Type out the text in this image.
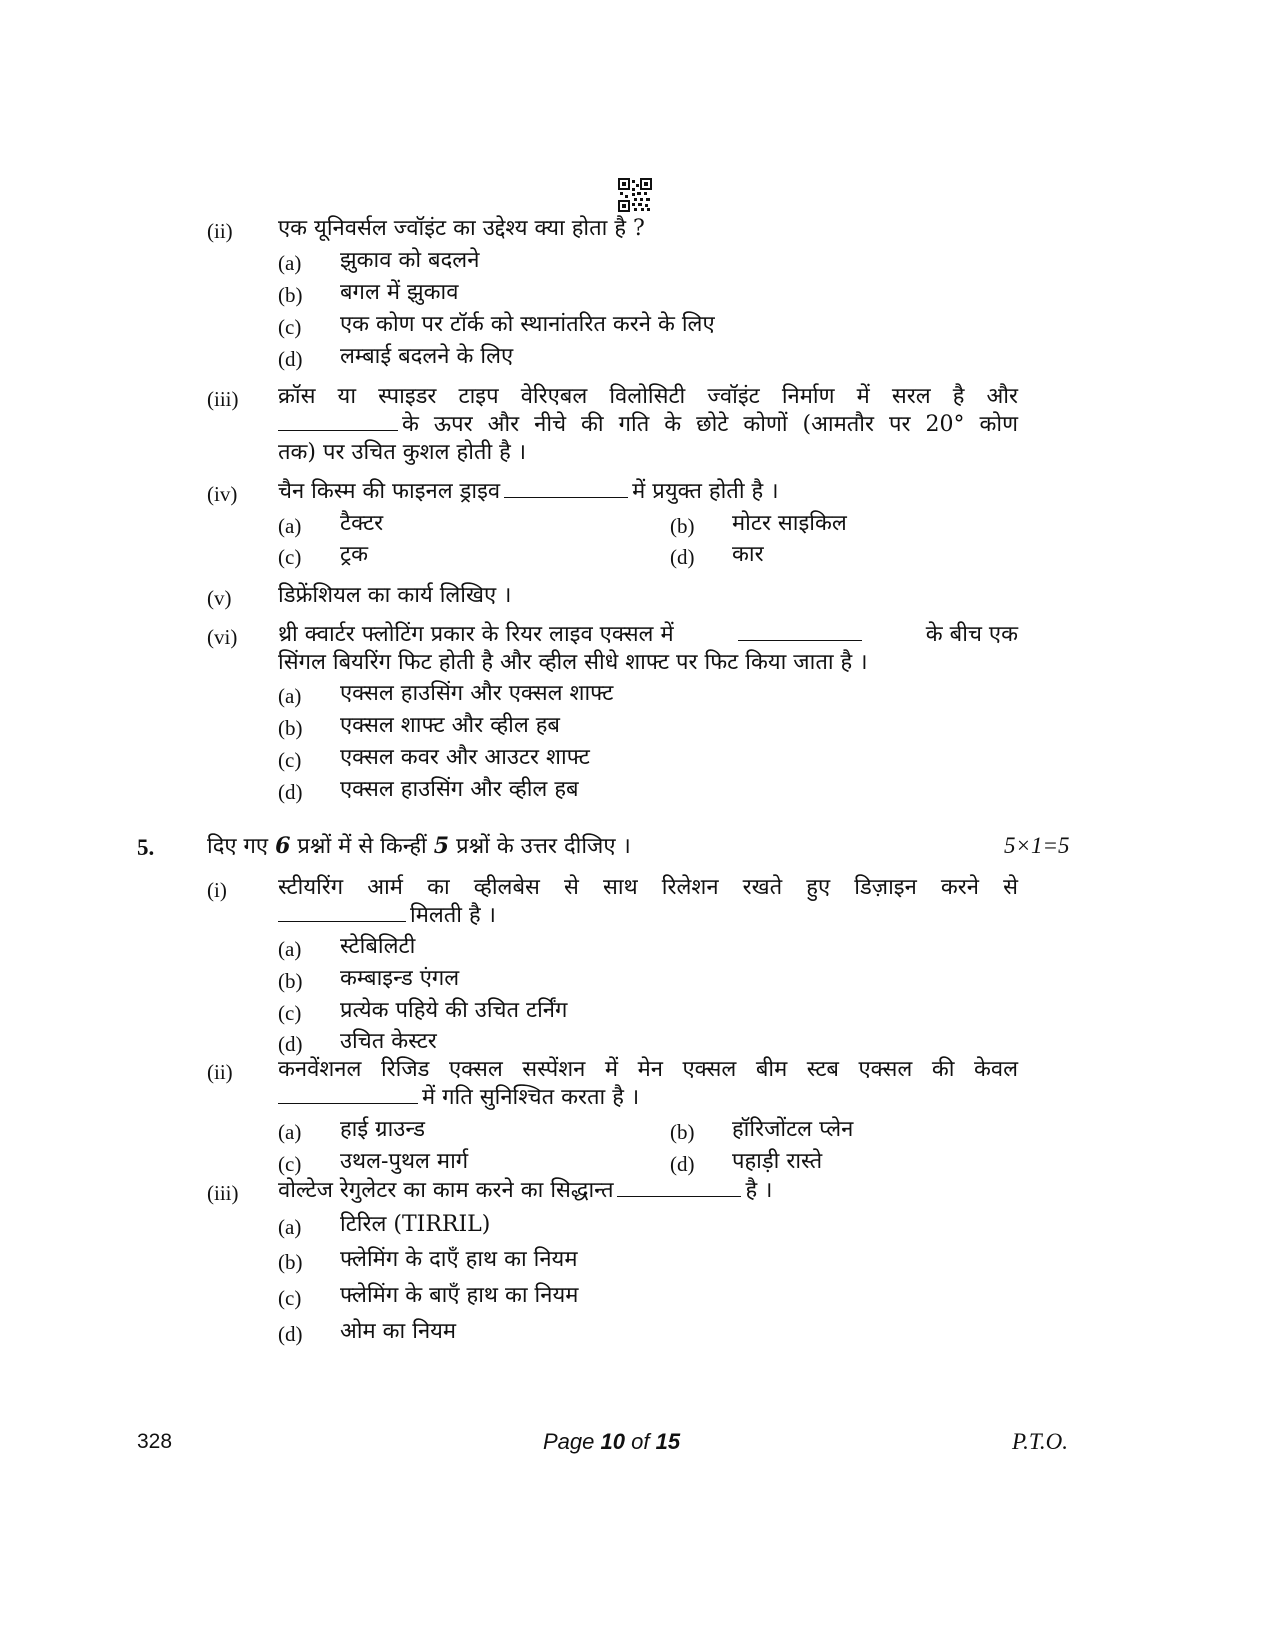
(ii) एक यूनिवर्सल ज्वॉइंट का उद्देश्य क्या होता है ?
(a) झुकाव को बदलने
(b) बगल में झुकाव
(c) एक कोण पर टॉर्क को स्थानांतरित करने के लिए
(d) लम्बाई बदलने के लिए
(iii) क्रॉस या स्पाइडर टाइप वेरिएबल विलोसिटी ज्वॉइंट निर्माण में सरल है और
के ऊपर और नीचे की गति के छोटे कोणों (आमतौर पर 20° कोण
तक) पर उचित कुशल होती है ।
(iv) चैन किस्म की फाइनल ड्राइव	में प्रयुक्त होती है ।
(a) टैक्टर	(b) मोटर साइकिल
(c) ट्रक	(d) कार
(v) डिफ्रेंशियल का कार्य लिखिए ।
(vi) थ्री क्वार्टर फ्लोटिंग प्रकार के रियर लाइव एक्सल में	के बीच एक
सिंगल बियरिंग फिट होती है और व्हील सीधे शाफ्ट पर फिट किया जाता है ।
(a) एक्सल हाउसिंग और एक्सल शाफ्ट
(b) एक्सल शाफ्ट और व्हील हब
(c) एक्सल कवर और आउटर शाफ्ट
(d) एक्सल हाउसिंग और व्हील हब
5. दिए गए 6 प्रश्नों में से किन्हीं 5 प्रश्नों के उत्तर दीजिए ।	5×1=5
(i) स्टीयरिंग आर्म का व्हीलबेस से साथ रिलेशन रखते हुए डिज़ाइन करने से
मिलती है ।
(a) स्टेबिलिटी
(b) कम्बाइन्ड एंगल
(c) प्रत्येक पहिये की उचित टर्निंग
(d) उचित केस्टर
(ii) कनवेंशनल रिजिड एक्सल सस्पेंशन में मेन एक्सल बीम स्टब एक्सल की केवल
में गति सुनिश्चित करता है ।
(a) हाई ग्राउन्ड	(b) हॉरिजोंटल प्लेन
(c) उथल-पुथल मार्ग	(d) पहाड़ी रास्ते
(iii) वोल्टेज रेगुलेटर का काम करने का सिद्धान्त	है ।
(a) टिरिल (TIRRIL)
(b) फ्लेमिंग के दाएँ हाथ का नियम
(c) फ्लेमिंग के बाएँ हाथ का नियम
(d) ओम का नियम
328	Page 10 of 15	P.T.O.
